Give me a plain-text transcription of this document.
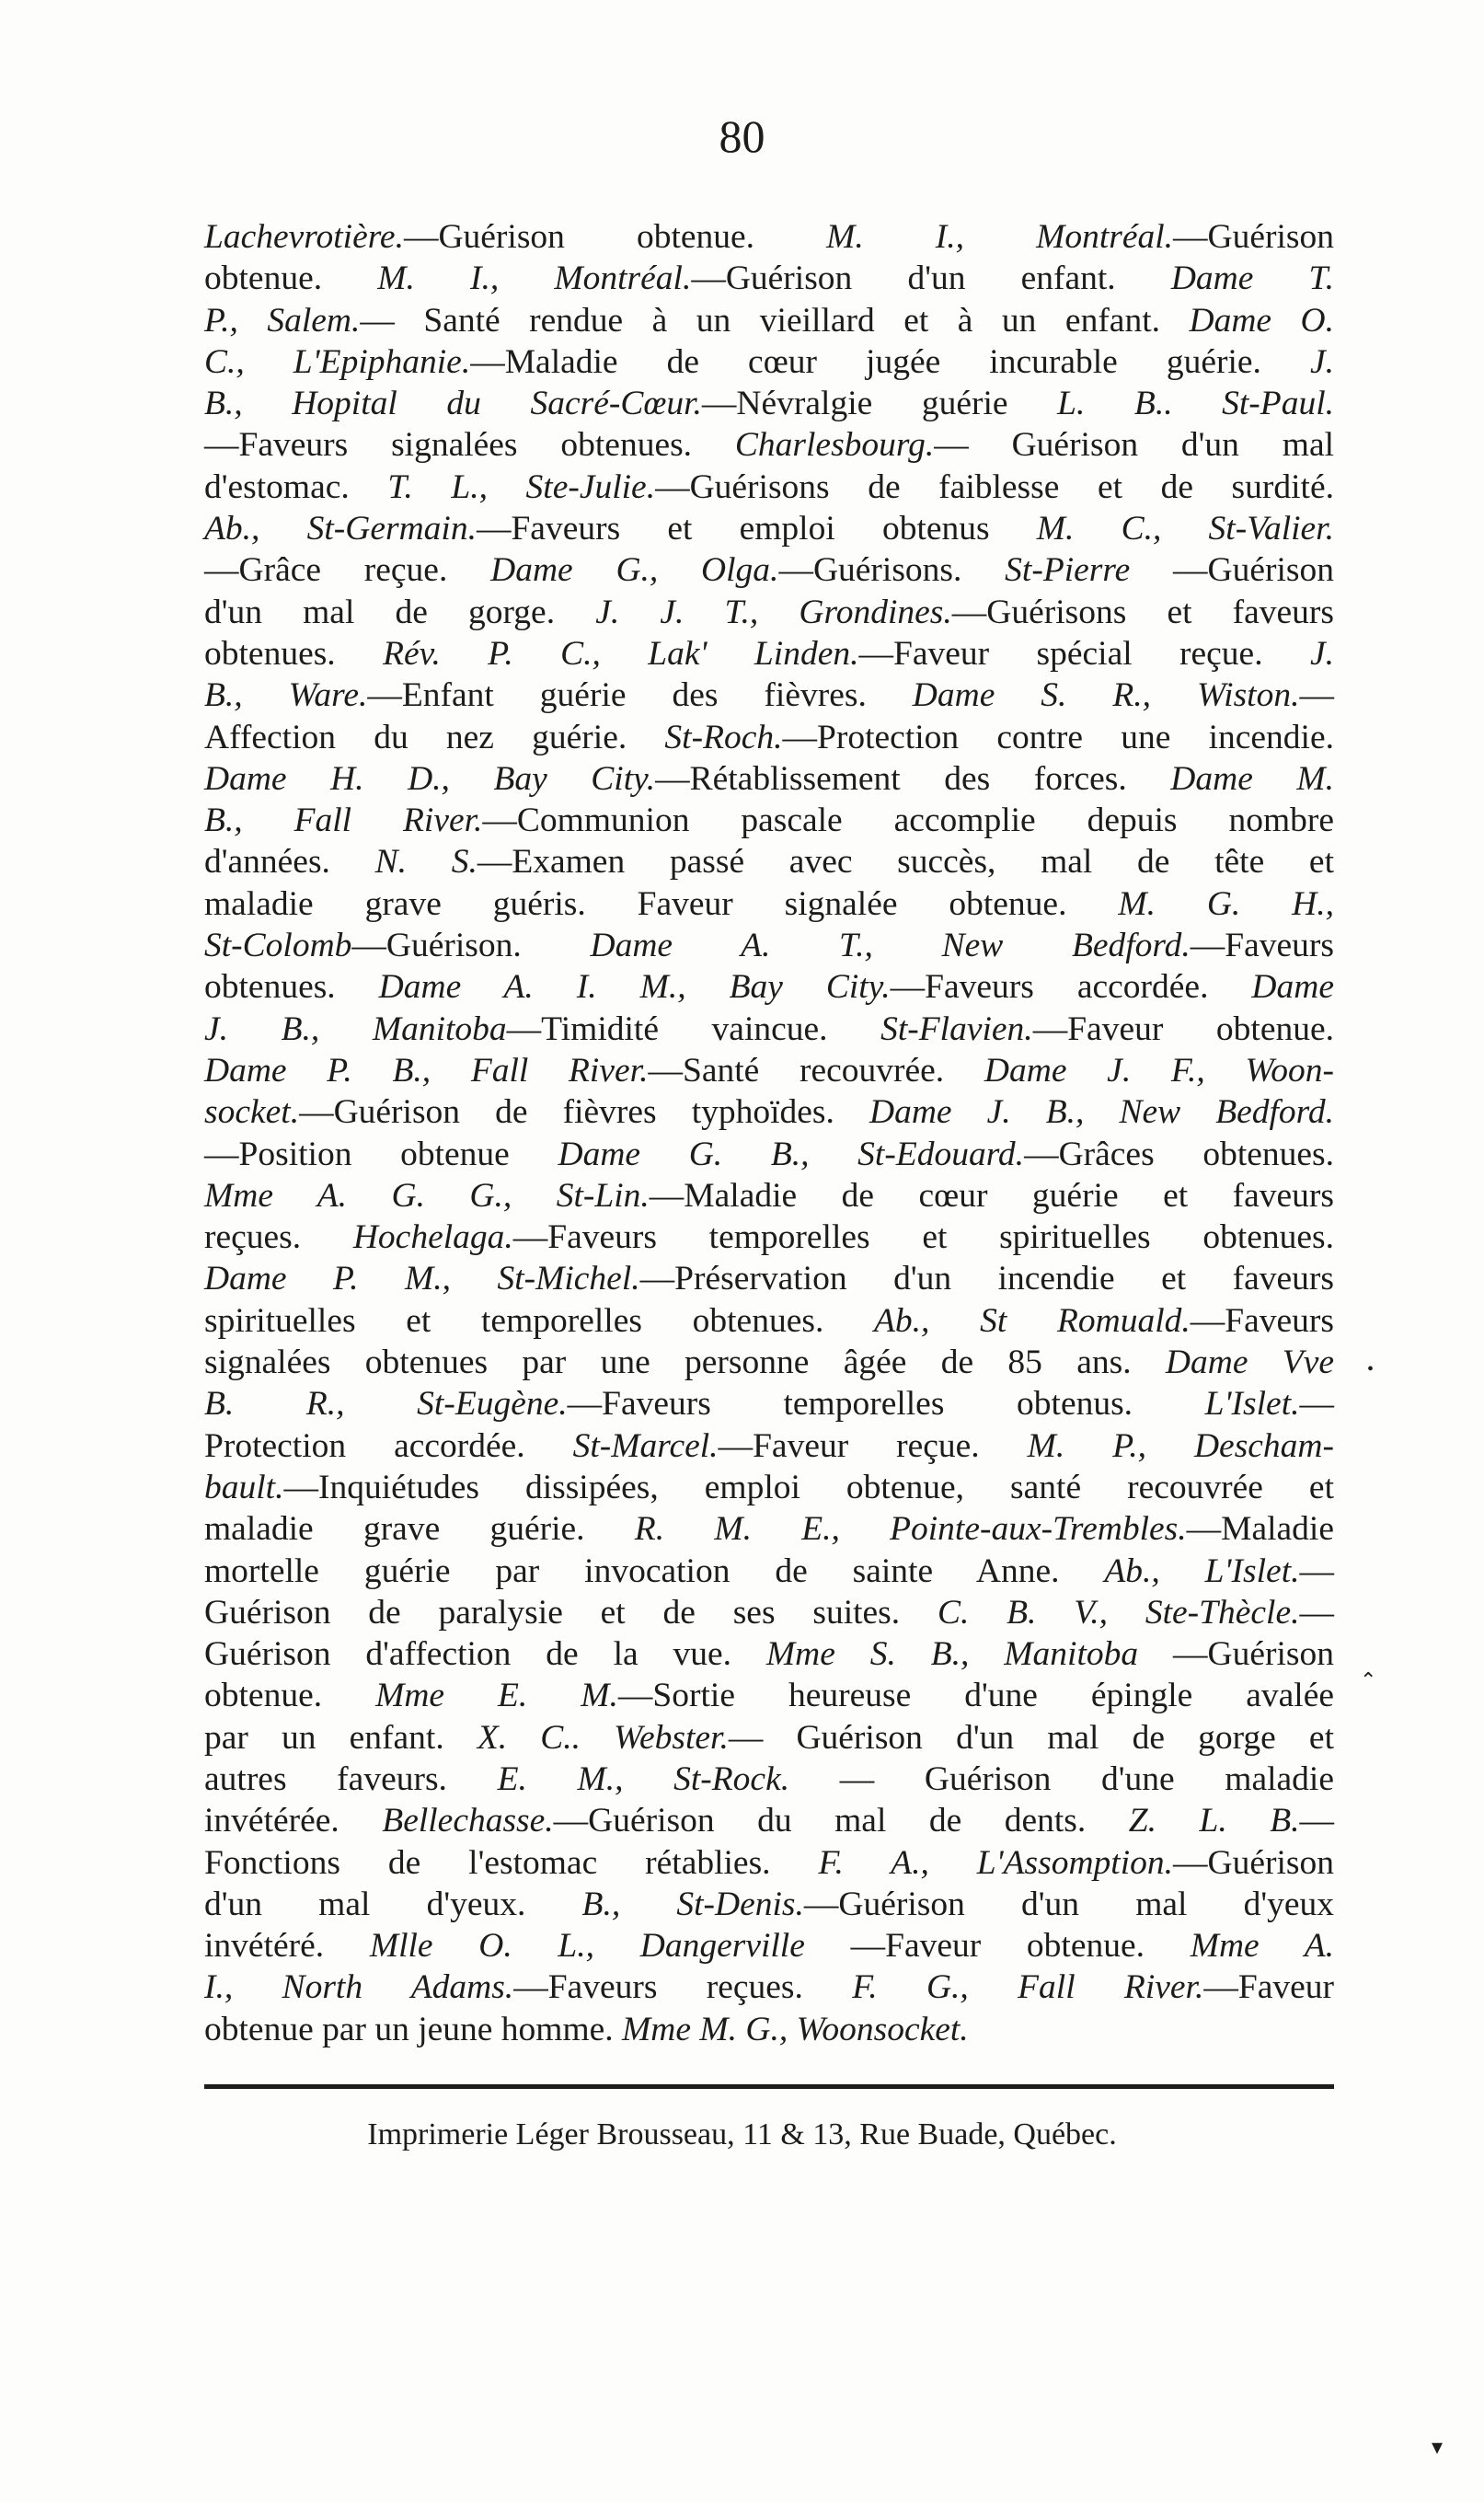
80
Lachevrotière.—Guérison obtenue. M. I., Montréal.—Guérison
obtenue. M. I., Montréal.—Guérison d'un enfant. Dame T.
P., Salem.— Santé rendue à un vieillard et à un enfant. Dame O.
C., L'Epiphanie.—Maladie de cœur jugée incurable guérie. J.
B., Hopital du Sacré-Cœur.—Névralgie guérie L. B.. St-Paul.
—Faveurs signalées obtenues. Charlesbourg.— Guérison d'un mal
d'estomac. T. L., Ste-Julie.—Guérisons de faiblesse et de surdité.
Ab., St-Germain.—Faveurs et emploi obtenus M. C., St-Valier.
—Grâce reçue. Dame G., Olga.—Guérisons. St-Pierre —Guérison
d'un mal de gorge. J. J. T., Grondines.—Guérisons et faveurs
obtenues. Rév. P. C., Lak' Linden.—Faveur spécial reçue. J.
B., Ware.—Enfant guérie des fièvres. Dame S. R., Wiston.—
Affection du nez guérie. St-Roch.—Protection contre une incendie.
Dame H. D., Bay City.—Rétablissement des forces. Dame M.
B., Fall River.—Communion pascale accomplie depuis nombre
d'années. N. S.—Examen passé avec succès, mal de tête et
maladie grave guéris. Faveur signalée obtenue. M. G. H.,
St-Colomb—Guérison. Dame A. T., New Bedford.—Faveurs
obtenues. Dame A. I. M., Bay City.—Faveurs accordée. Dame
J. B., Manitoba—Timidité vaincue. St-Flavien.—Faveur obtenue.
Dame P. B., Fall River.—Santé recouvrée. Dame J. F., Woon-
socket.—Guérison de fièvres typhoïdes. Dame J. B., New Bedford.
—Position obtenue Dame G. B., St-Edouard.—Grâces obtenues.
Mme A. G. G., St-Lin.—Maladie de cœur guérie et faveurs
reçues. Hochelaga.—Faveurs temporelles et spirituelles obtenues.
Dame P. M., St-Michel.—Préservation d'un incendie et faveurs
spirituelles et temporelles obtenues. Ab., St Romuald.—Faveurs
signalées obtenues par une personne âgée de 85 ans. Dame Vve
B. R., St-Eugène.—Faveurs temporelles obtenus. L'Islet.—
Protection accordée. St-Marcel.—Faveur reçue. M. P., Descham-
bault.—Inquiétudes dissipées, emploi obtenue, santé recouvrée et
maladie grave guérie. R. M. E., Pointe-aux-Trembles.—Maladie
mortelle guérie par invocation de sainte Anne. Ab., L'Islet.—
Guérison de paralysie et de ses suites. C. B. V., Ste-Thècle.—
Guérison d'affection de la vue. Mme S. B., Manitoba —Guérison
obtenue. Mme E. M.—Sortie heureuse d'une épingle avalée
par un enfant. X. C.. Webster.— Guérison d'un mal de gorge et
autres faveurs. E. M., St-Rock. — Guérison d'une maladie
invétérée. Bellechasse.—Guérison du mal de dents. Z. L. B.—
Fonctions de l'estomac rétablies. F. A., L'Assomption.—Guérison
d'un mal d'yeux. B., St-Denis.—Guérison d'un mal d'yeux
invétéré. Mlle O. L., Dangerville —Faveur obtenue. Mme A.
I., North Adams.—Faveurs reçues. F. G., Fall River.—Faveur
obtenue par un jeune homme. Mme M. G., Woonsocket.
Imprimerie Léger Brousseau, 11 & 13, Rue Buade, Québec.
⌃
•
▾
